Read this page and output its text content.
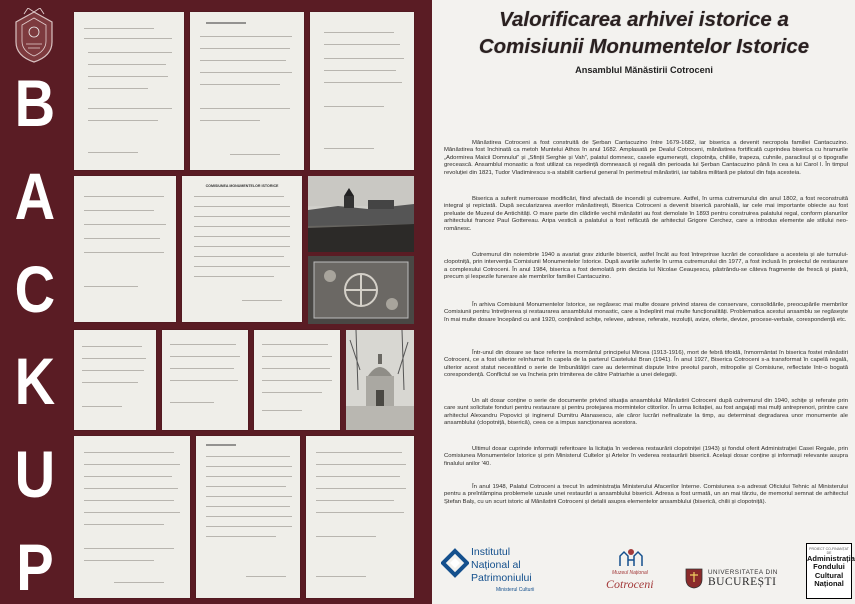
B
A
C
K
U
P
COMISIUNEA MONUMENTELOR ISTORICE
Valorificarea arhivei istorice a
Comisiunii Monumentelor Istorice
Ansamblul Mănăstirii Cotroceni
Mănăstirea Cotroceni a fost construită de Șerban Cantacuzino între 1679-1682, iar biserica a devenit necropola familiei Cantacuzino. Mănăstirea fost închinată ca metoh Muntelui Athos în anul 1682. Amplasată pe Dealul Cotroceni, mănăstirea fortificată cuprindea biserica cu hramurile „Adormirea Maicii Domnului” și „Sfinții Serghie și Vah”, palatul domnesc, casele egumenești, clopotnița, chiliile, trapeza, cuhnile, paraclisul și o tipografie grecească. Ansamblul monastic a fost utilizat ca reședință domnească și regală din perioada lui Șerban Cantacuzino până în cea a lui Carol I. În timpul revoluției din 1821, Tudor Vladimirescu s-a stabilit cartierul general în perimetrul mănăstirii, iar tabăra militară pe platoul din fața acesteia.
Biserica a suferit numeroase modificări, fiind afectată de incendii și cutremure. Astfel, în urma cutremurului din anul 1802, a fost reconstruită integral și repictată. După secularizarea averilor mănăstirești, Biserica Cotroceni a devenit biserică parohială, iar cele mai importante obiecte au fost preluate de Muzeul de Antichități. O mare parte din clădirile vechii mănăstiri au fost demolate în 1893 pentru construirea palatului regal, conform planurilor arhitectului francez Paul Gottereau. Aripa vestică a palatului a fost refăcută de arhitectul Grigore Cerchez, care a introdus elemente ale stilului neo-românesc.
Cutremurul din noiembrie 1940 a avariat grav zidurile bisericii, astfel încât au fost întreprinse lucrări de consolidare a acesteia și ale turnului-clopotniță, prin intervenția Comisiunii Monumentelor Istorice. După avariile suferite în urma cutremurului din 1977, a fost inclusă în proiectul de restaurare a complexului Cotroceni. În anul 1984, biserica a fost demolată prin decizia lui Nicolae Ceaușescu, păstrându-se câteva fragmente de frescă și piatră, precum și lespezile funerare ale membrilor familiei Cantacuzino.
În arhiva Comisiunii Monumentelor Istorice, se regăsesc mai multe dosare privind starea de conservare, consolidările, preocupările membrilor Comisiunii pentru întreținerea și restaurarea ansamblului monastic, care a îndeplinit mai multe funcționalități. Problematica acestui ansamblu se regăsește în mai multe dosare începând cu anii 1920, conținând schițe, relevee, adrese, referate, rezoluții, avize, oferte, devize, procese-verbale, corespondență etc.
Într-unul din dosare se face referire la mormântul principelui Mircea (1913-1916), mort de febră tifoidă, înmormântat în biserica fostei mănăstiri Cotroceni, ce a fost ulterior reînhumat în capela de la parterul Castelului Bran (1941). În anul 1927, Biserica Cotroceni s-a transformat în capelă regală, ulterior acest statut necesitând o serie de îmbunătățiri care au determinat dispute între preotul paroh, mitropolie și Comisiune, reflectate într-o bogată corespondență. Conflictul se va încheia prin trimiterea de către Patriarhie a unei delegații.
Un alt dosar conține o serie de documente privind situația ansamblului Mănăstirii Cotroceni după cutremurul din 1940, schițe și referate prin care sunt solicitate fonduri pentru restaurare și pentru protejarea mormintelor ctitorilor. În urma licitației, au fost angajați mai mulți antreprenori, printre care arhitectul Alexandru Popovici și inginerul Dumitru Atanasescu, ale căror lucrări nefinalizate la timp, au determinat degradarea unor monumente ale ansamblului (clopotniță, biserică), ceea ce a impus sancționarea acestora.
Ultimul dosar cuprinde informații referitoare la licitația în vederea restaurării clopotniței (1943) și fondul oferit Administrației Casei Regale, prin Comisiunea Monumentelor Istorice și prin Ministerul Cultelor și Artelor în vederea restaurării bisericii. Același dosar conține și informații relevante asupra finalului anilor '40.
În anul 1948, Palatul Cotroceni a trecut în administrația Ministerului Afacerilor Interne. Comisiunea s-a adresat Oficiului Tehnic al Ministerului pentru a preîntâmpina problemele uzuale unei restaurări a ansamblului bisericii. Adresa a fost urmată, un an mai târziu, de memoriul semnat de arhitectul Ștefan Balș, cu un scurt istoric al Mănăstirii Cotroceni și detalii asupra elementelor ansamblului (biserică, chilii și clopotniță).
Institutul
Național al
Patrimoniului
Ministerul Culturii
Muzeul Național
Cotroceni
UNIVERSITATEA DIN
BUCUREȘTI
PROIECT CO-FINANȚAT DE
Administrația
Fondului
Cultural
Național
